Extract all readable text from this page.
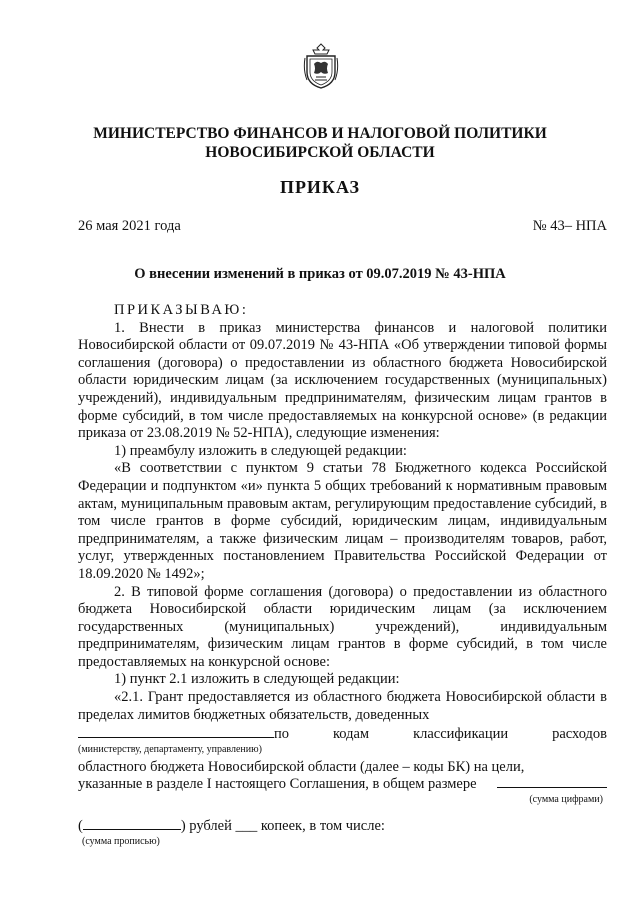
МИНИСТЕРСТВО ФИНАНСОВ И НАЛОГОВОЙ ПОЛИТИКИ
НОВОСИБИРСКОЙ ОБЛАСТИ
ПРИКАЗ
26 мая 2021 года	№ 43– НПА
О внесении изменений в приказ от 09.07.2019 № 43-НПА

ПРИКАЗЫВАЮ:

1. Внести в приказ министерства финансов и налоговой политики Новосибирской области от 09.07.2019 № 43-НПА «Об утверждении типовой формы соглашения (договора) о предоставлении из областного бюджета Новосибирской области юридическим лицам (за исключением государственных (муниципальных) учреждений), индивидуальным предпринимателям, физическим лицам грантов в форме субсидий, в том числе предоставляемых на конкурсной основе» (в редакции приказа от 23.08.2019 № 52-НПА), следующие изменения:

1) преамбулу изложить в следующей редакции:

«В соответствии с пунктом 9 статьи 78 Бюджетного кодекса Российской Федерации и подпунктом «и» пункта 5 общих требований к нормативным правовым актам, муниципальным правовым актам, регулирующим предоставление субсидий, в том числе грантов в форме субсидий, юридическим лицам, индивидуальным предпринимателям, а также физическим лицам – производителям товаров, работ, услуг, утвержденных постановлением Правительства Российской Федерации от 18.09.2020 № 1492»;

2. В типовой форме соглашения (договора) о предоставлении из областного бюджета Новосибирской области юридическим лицам (за исключением государственных (муниципальных) учреждений), индивидуальным предпринимателям, физическим лицам грантов в форме субсидий, в том числе предоставляемых на конкурсной основе:

1) пункт 2.1 изложить в следующей редакции:

«2.1. Грант предоставляется из областного бюджета Новосибирской области в пределах лимитов бюджетных обязательств, доведенных

по	кодам	классификации	расходов
(министерству, департаменту, управлению)

областного бюджета Новосибирской области (далее – коды БК) на цели,

указанные в разделе I настоящего Соглашения, в общем размере
(сумма цифрами)
(	) рублей ___ копеек, в том числе:
(сумма прописью)
